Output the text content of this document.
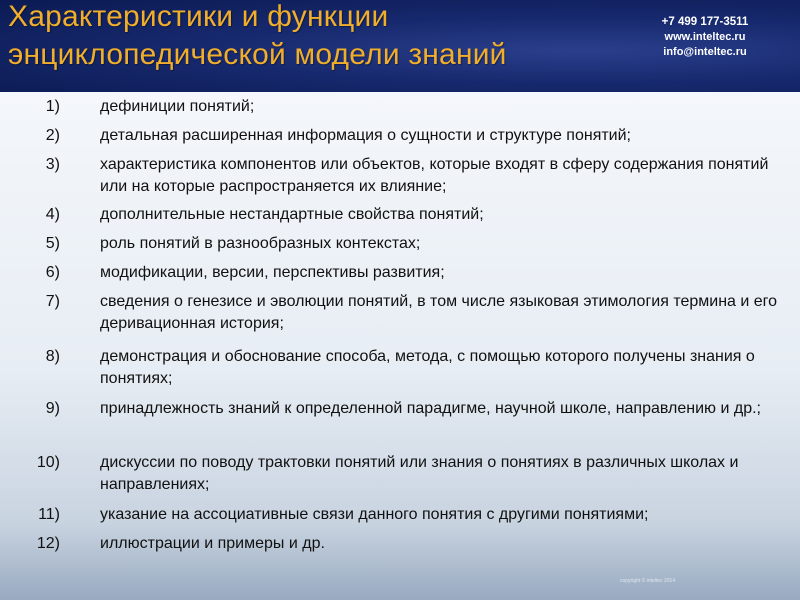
Характеристики и функции
энциклопедической модели знаний
+7 499 177-3511
www.inteltec.ru
info@inteltec.ru
1)	дефиниции понятий;
2)	детальная расширенная информация о сущности и структуре понятий;
3)	характеристика компонентов или объектов, которые входят в сферу содержания понятий или на которые распространяется их влияние;
4)	дополнительные нестандартные свойства понятий;
5)	роль понятий в разнообразных контекстах;
6)	модификации, версии, перспективы развития;
7)	сведения о генезисе и эволюции понятий, в том числе языковая этимология термина и его деривационная история;
8)	демонстрация и обоснование способа, метода, с помощью которого получены знания о понятиях;
9)	принадлежность знаний к определенной парадигме, научной школе, направлению и др.;
10)	дискуссии по поводу трактовки понятий или знания о понятиях в различных школах и направлениях;
11)	указание на ассоциативные связи данного понятия с другими понятиями;
12)	иллюстрации и примеры и др.
copyright © inteltec 2014
